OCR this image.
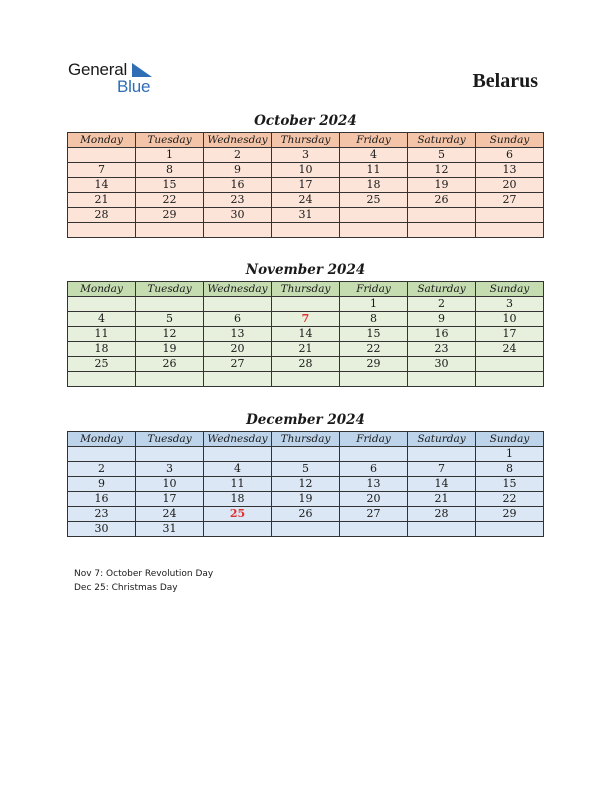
General
Blue	Belarus
October 2024
Monday	Tuesday	Wednesday	Thursday	Friday	Saturday	Sunday
	1	2	3	4	5	6
7	8	9	10	11	12	13
14	15	16	17	18	19	20
21	22	23	24	25	26	27
28	29	30	31			

November 2024
Monday	Tuesday	Wednesday	Thursday	Friday	Saturday	Sunday
				1	2	3
4	5	6	7	8	9	10
11	12	13	14	15	16	17
18	19	20	21	22	23	24
25	26	27	28	29	30	

December 2024
Monday	Tuesday	Wednesday	Thursday	Friday	Saturday	Sunday
						1
2	3	4	5	6	7	8
9	10	11	12	13	14	15
16	17	18	19	20	21	22
23	24	25	26	27	28	29
30	31					
Nov 7: October Revolution Day
Dec 25: Christmas Day
